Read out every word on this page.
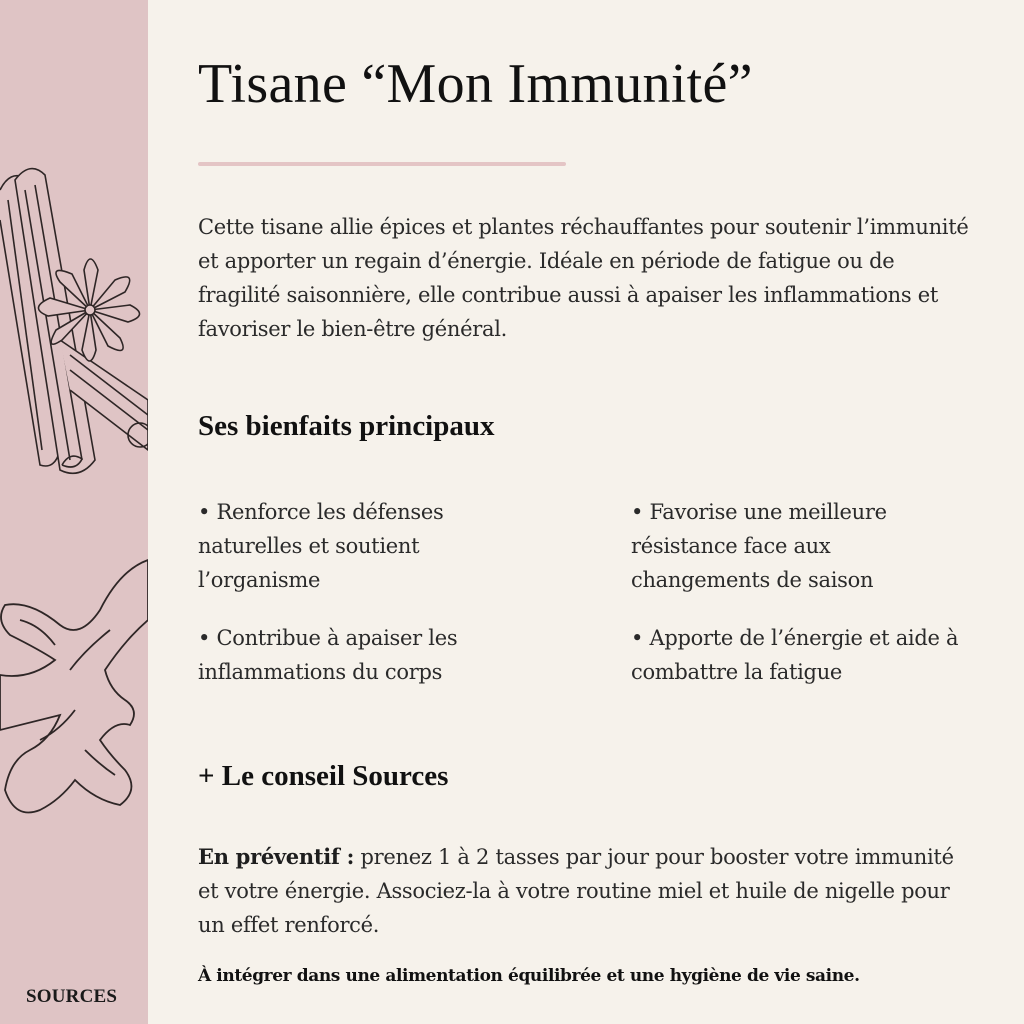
SOURCES
Tisane “Mon Immunité”

Cette tisane allie épices et plantes réchauffantes pour soutenir l’immunité et apporter un regain d’énergie. Idéale en période de fatigue ou de fragilité saisonnière, elle contribue aussi à apaiser les inflammations et favoriser le bien-être général.

Ses bienfaits principaux

• Renforce les défenses naturelles et soutient l’organisme

• Favorise une meilleure résistance face aux changements de saison

• Contribue à apaiser les inflammations du corps

• Apporte de l’énergie et aide à combattre la fatigue

+ Le conseil Sources

En préventif : prenez 1 à 2 tasses par jour pour booster votre immunité et votre énergie. Associez-la à votre routine miel et huile de nigelle pour un effet renforcé.

À intégrer dans une alimentation équilibrée et une hygiène de vie saine.
